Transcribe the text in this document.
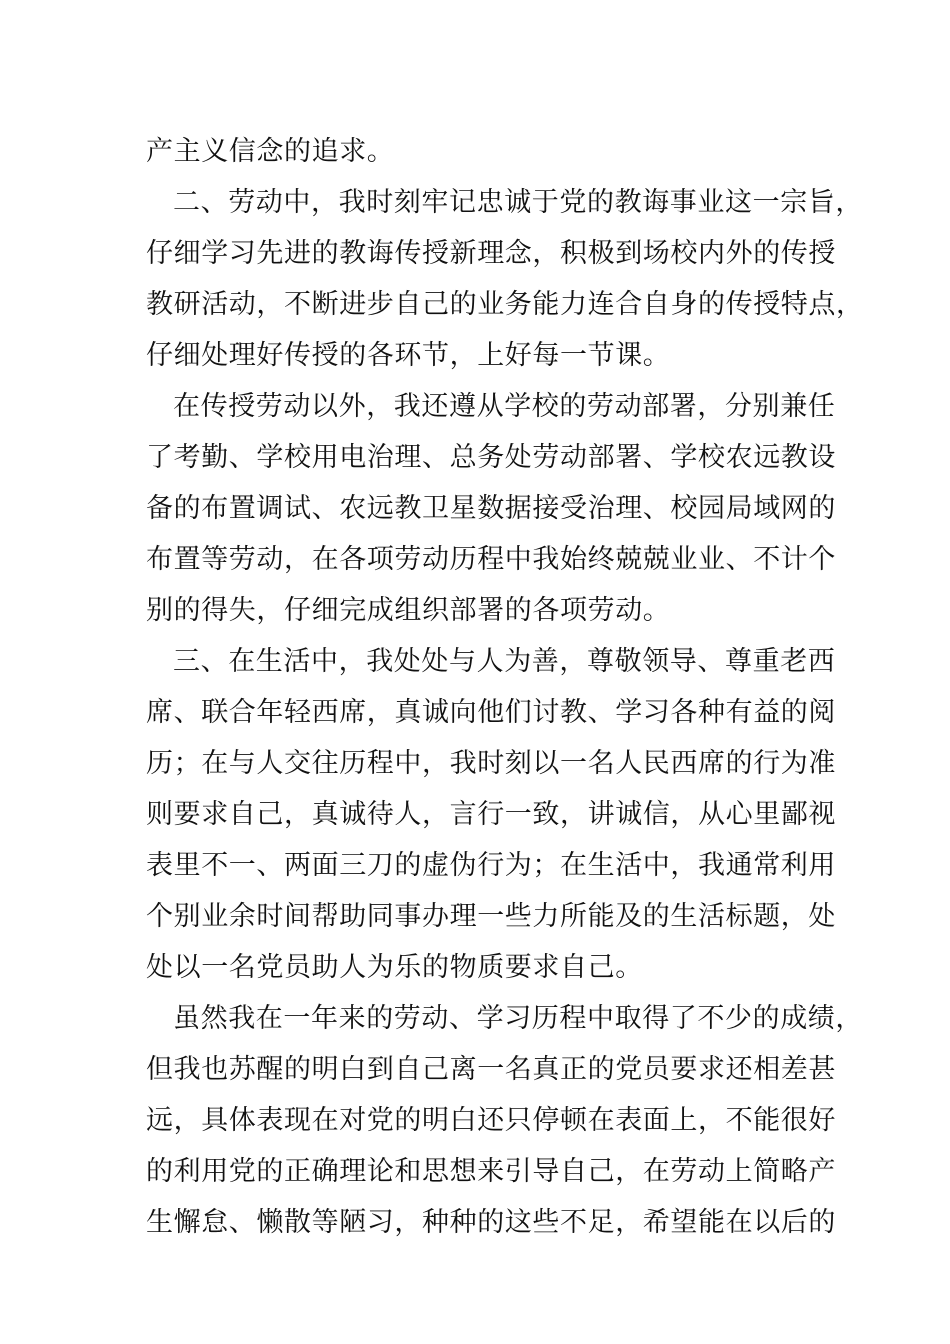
产主义信念的追求。
二、劳动中，我时刻牢记忠诚于党的教诲事业这一宗旨，
仔细学习先进的教诲传授新理念，积极到场校内外的传授
教研活动，不断进步自己的业务能力连合自身的传授特点，
仔细处理好传授的各环节，上好每一节课。
在传授劳动以外，我还遵从学校的劳动部署，分别兼任
了考勤、学校用电治理、总务处劳动部署、学校农远教设
备的布置调试、农远教卫星数据接受治理、校园局域网的
布置等劳动，在各项劳动历程中我始终兢兢业业、不计个
别的得失，仔细完成组织部署的各项劳动。
三、在生活中，我处处与人为善，尊敬领导、尊重老西
席、联合年轻西席，真诚向他们讨教、学习各种有益的阅
历；在与人交往历程中，我时刻以一名人民西席的行为准
则要求自己，真诚待人，言行一致，讲诚信，从心里鄙视
表里不一、两面三刀的虚伪行为；在生活中，我通常利用
个别业余时间帮助同事办理一些力所能及的生活标题，处
处以一名党员助人为乐的物质要求自己。
虽然我在一年来的劳动、学习历程中取得了不少的成绩，
但我也苏醒的明白到自己离一名真正的党员要求还相差甚
远，具体表现在对党的明白还只停顿在表面上，不能很好
的利用党的正确理论和思想来引导自己，在劳动上简略产
生懈怠、懒散等陋习，种种的这些不足，希望能在以后的
